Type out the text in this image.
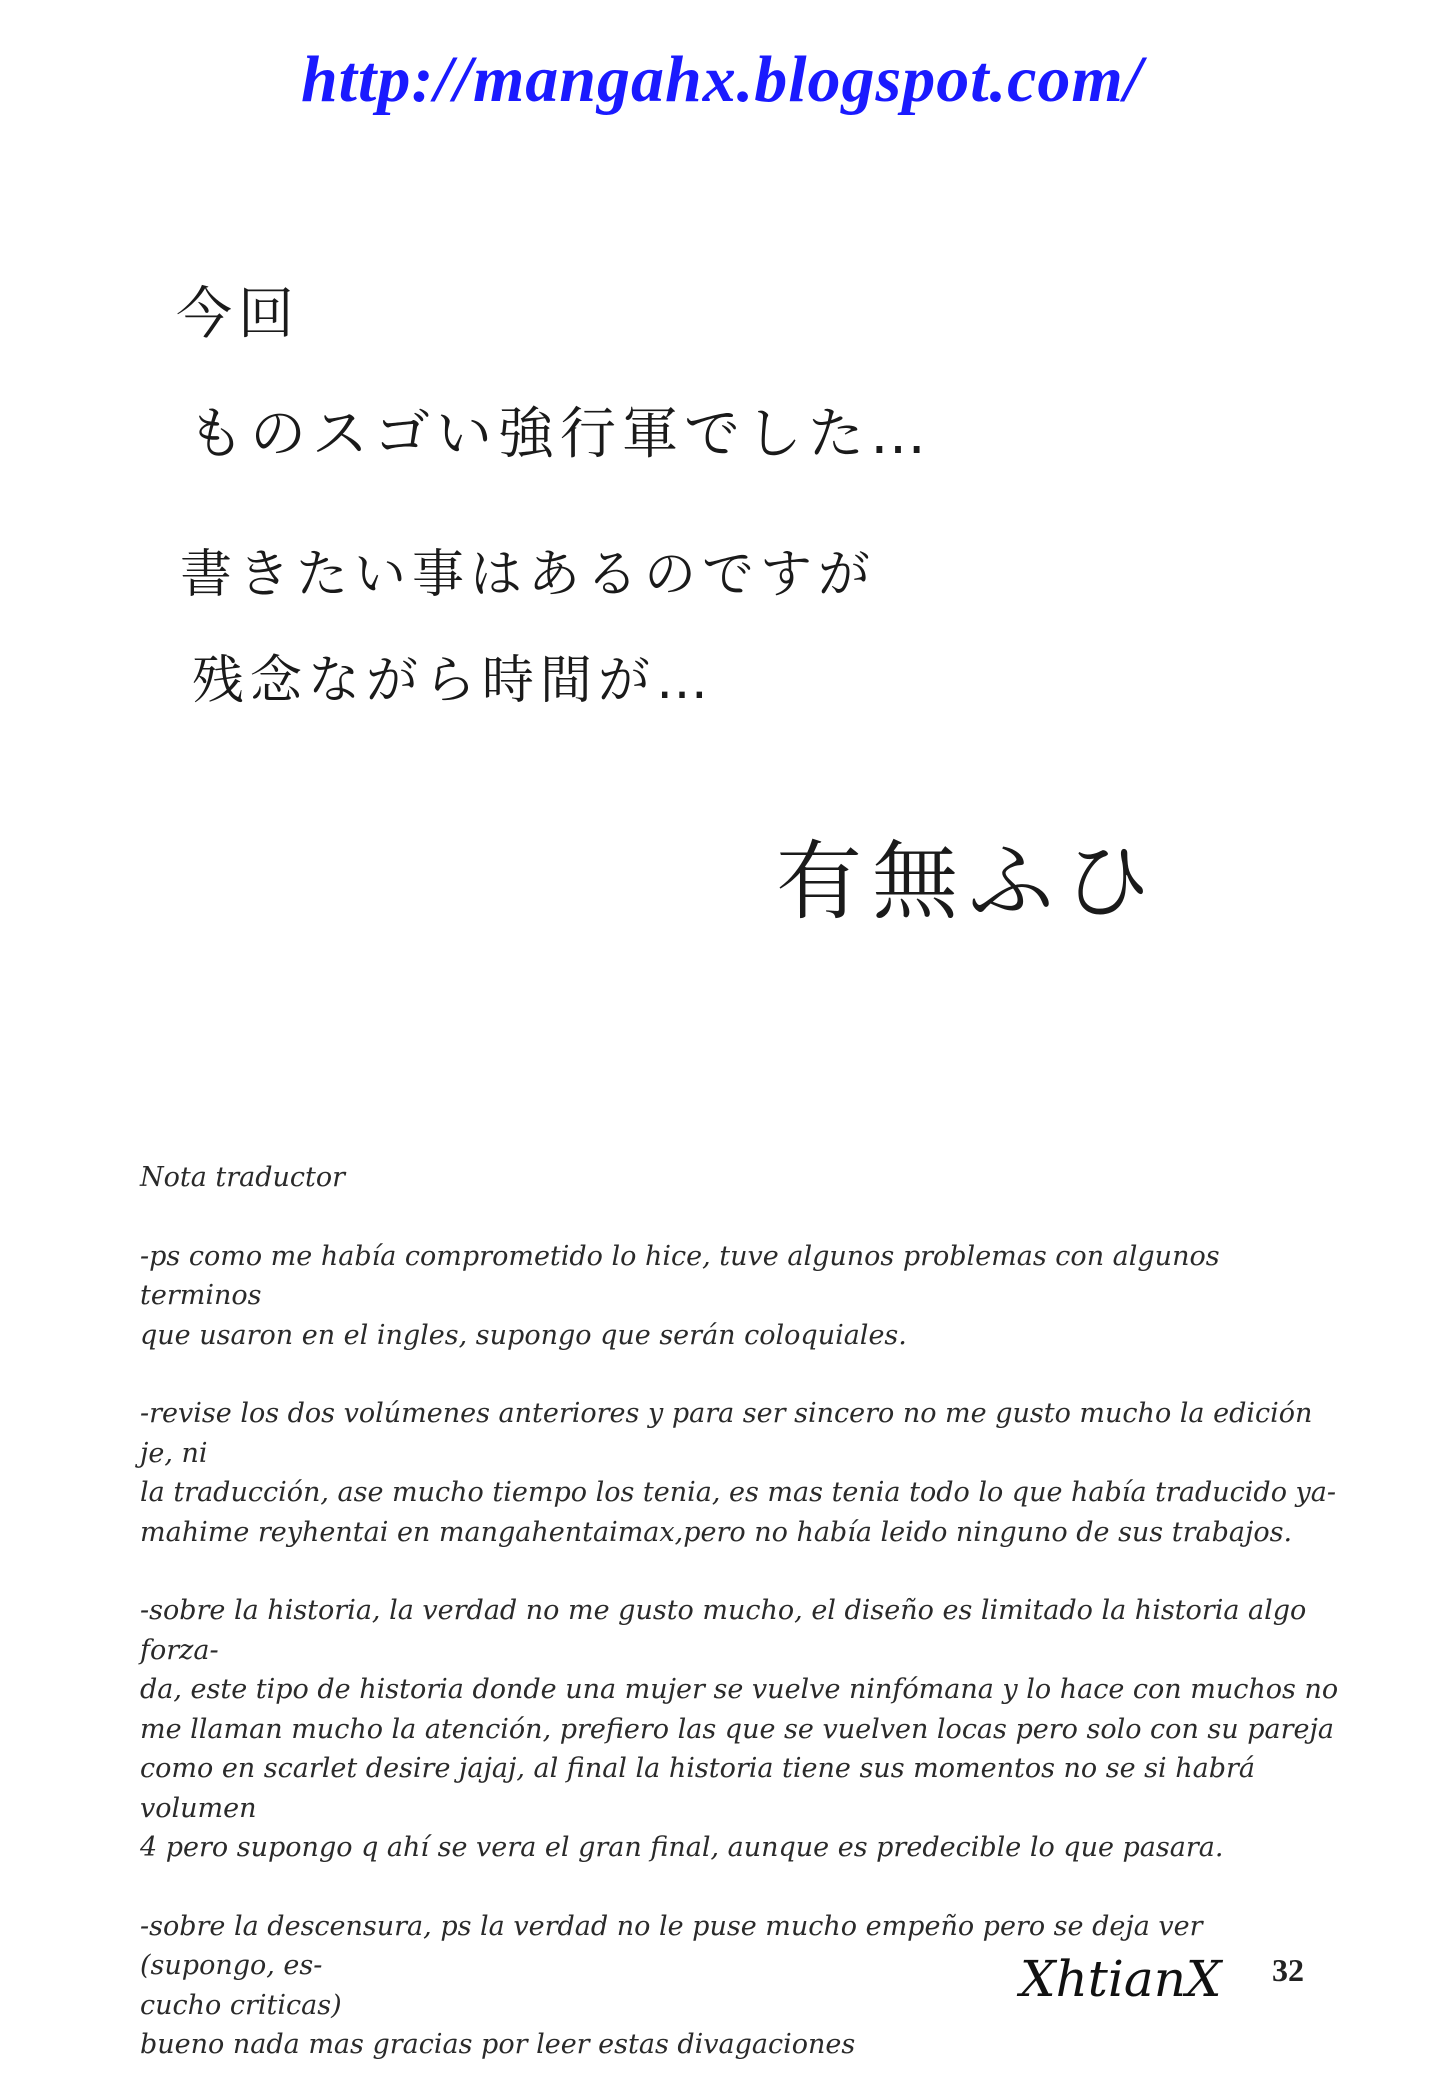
http://mangahx.blogspot.com/
今回
ものスゴい強行軍でした…
書きたい事はあるのですが
残念ながら時間が…
有無ふひ

Nota traductor

-ps como me había comprometido lo hice, tuve algunos problemas con algunos terminos
que usaron en el ingles, supongo que serán coloquiales.

-revise los dos volúmenes anteriores y para ser sincero no me gusto mucho la edición je, ni
la traducción, ase mucho tiempo los tenia, es mas tenia todo lo que había traducido ya-
mahime reyhentai en mangahentaimax,pero no había leido ninguno de sus trabajos.

-sobre la historia, la verdad no me gusto mucho, el diseño es limitado la historia algo forza-
da, este tipo de historia donde una mujer se vuelve ninfómana y lo hace con muchos no
me llaman mucho la atención, prefiero las que se vuelven locas pero solo con su pareja
como en scarlet desire jajaj, al final la historia tiene sus momentos no se si habrá volumen
4 pero supongo q ahí se vera el gran final, aunque es predecible lo que pasara.

-sobre la descensura, ps la verdad no le puse mucho empeño pero se deja ver (supongo, es-
cucho criticas)

bueno nada mas gracias por leer estas divagaciones

XhtianX 32
